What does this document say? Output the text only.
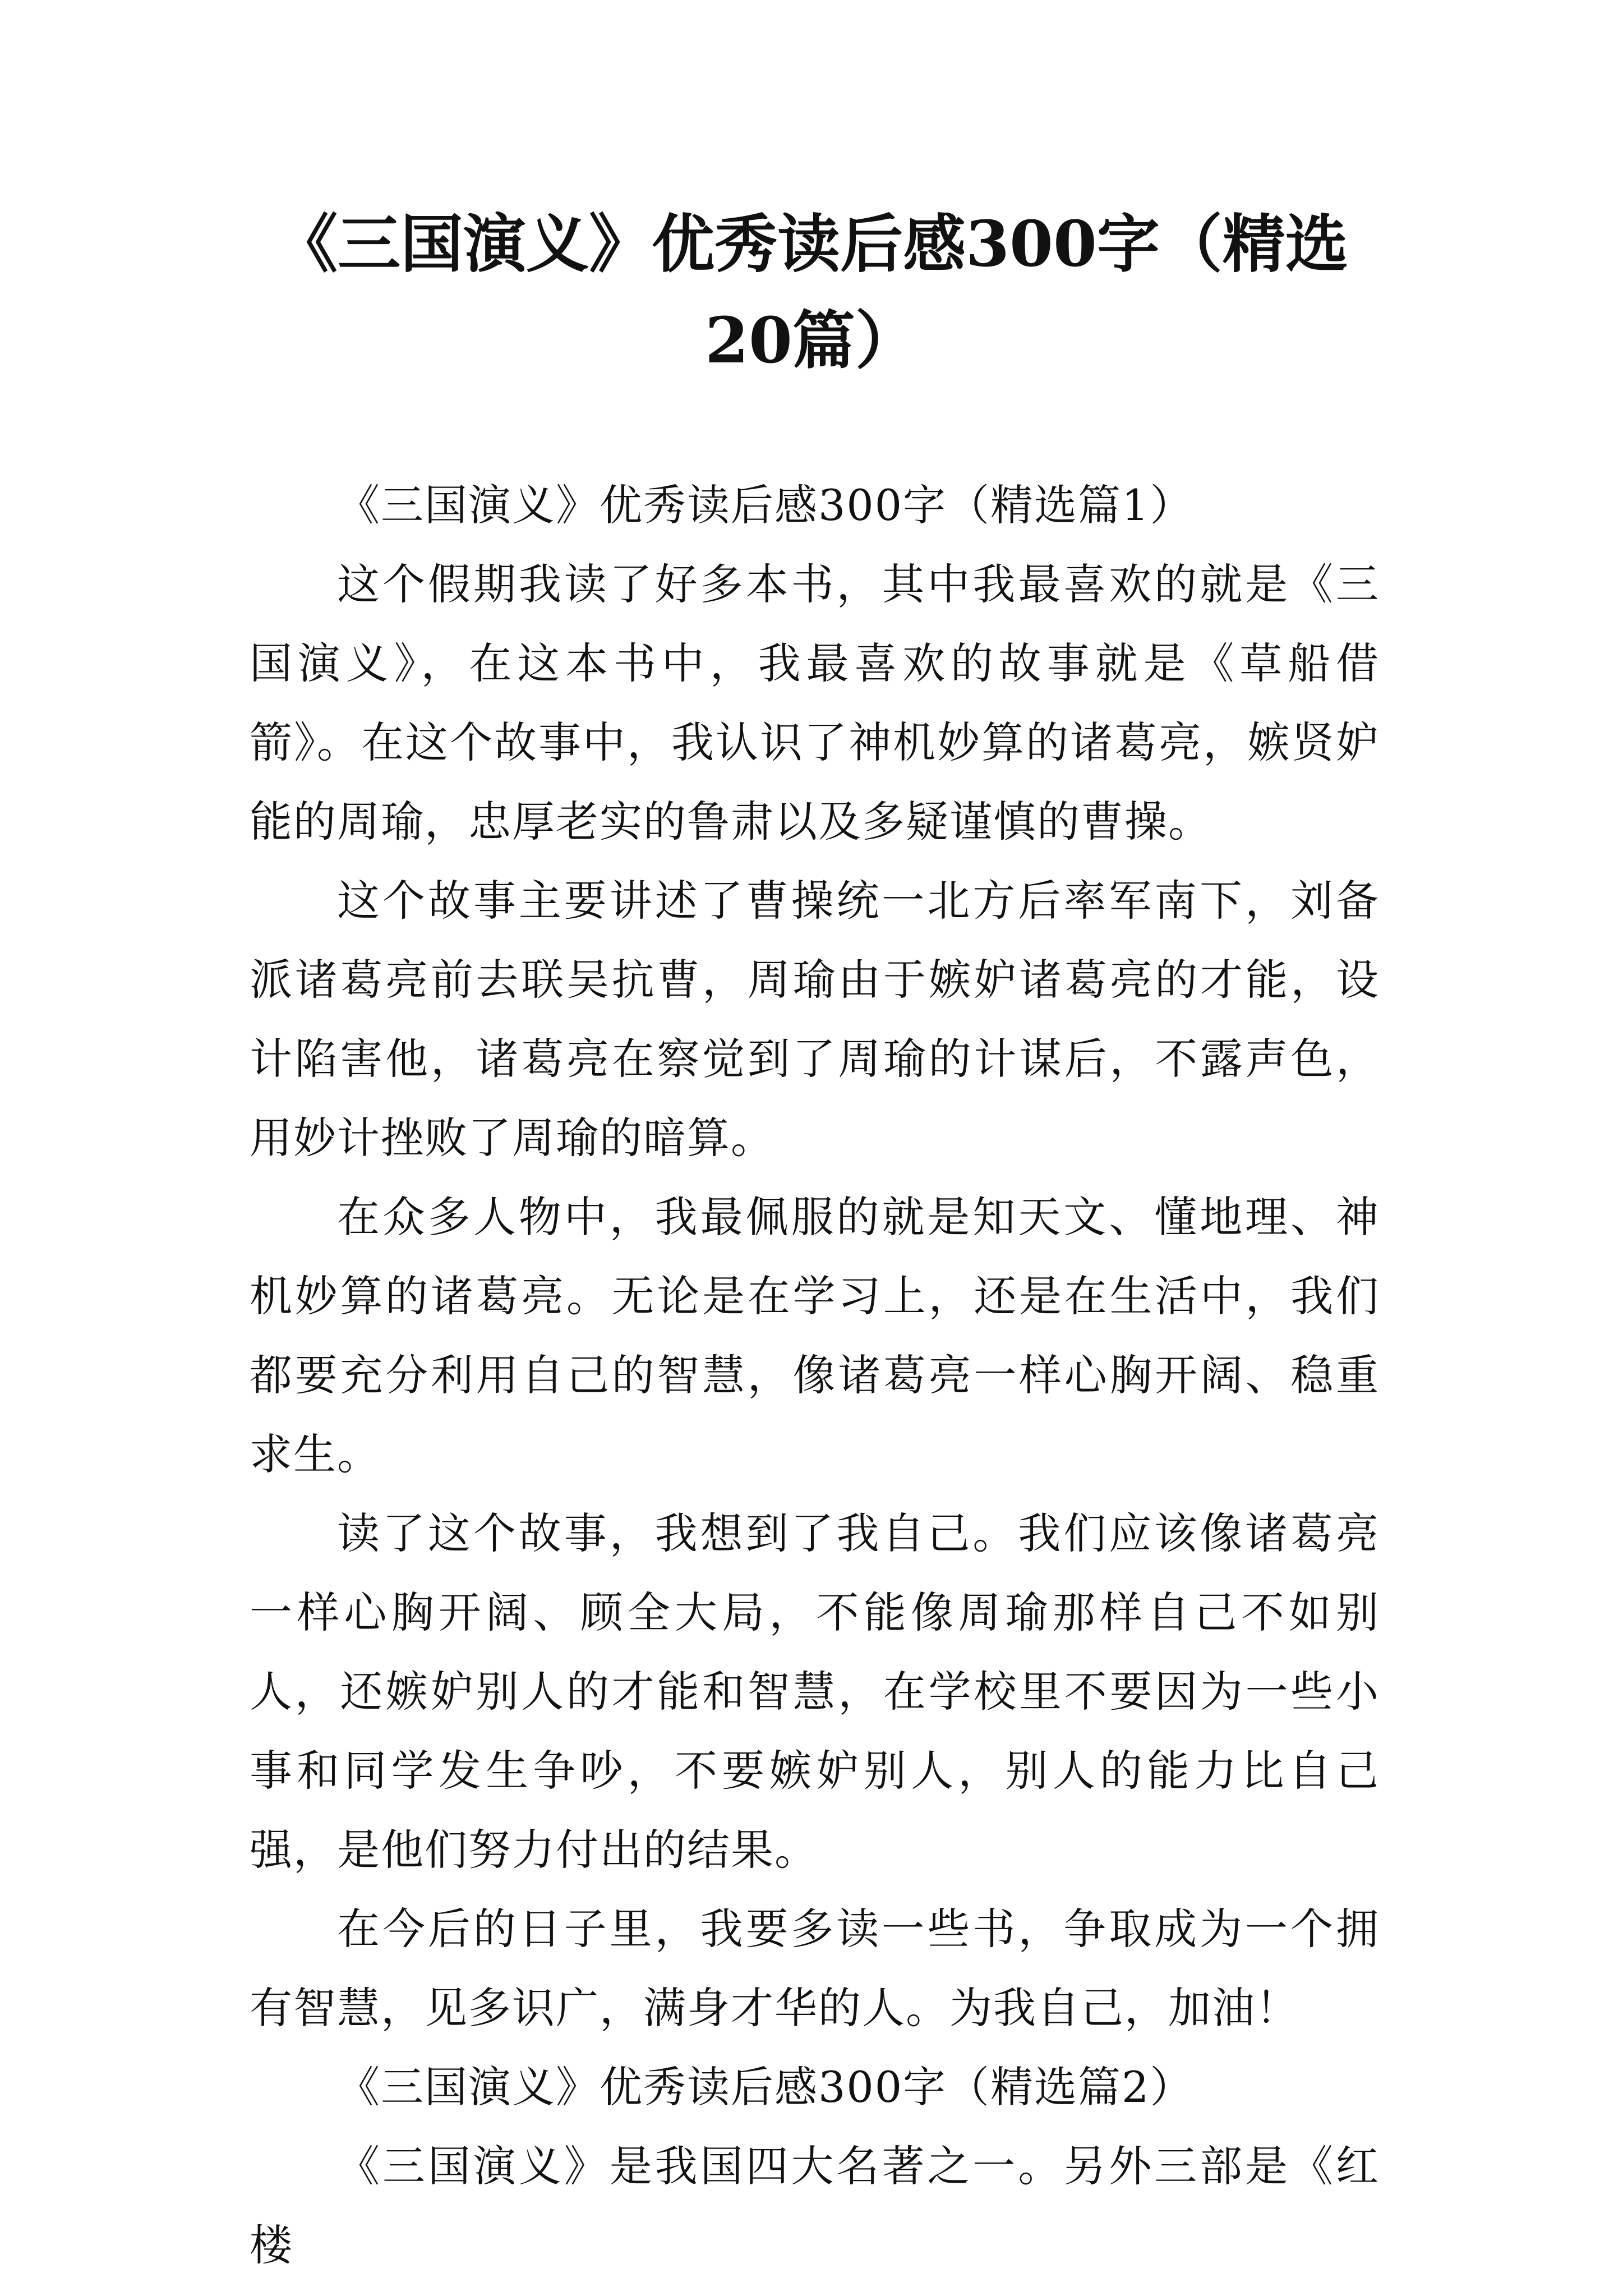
《三国演义》优秀读后感300字（精选20篇）

《三国演义》优秀读后感300字（精选篇1）

这个假期我读了好多本书，其中我最喜欢的就是《三国演义》，在这本书中，我最喜欢的故事就是《草船借箭》。在这个故事中，我认识了神机妙算的诸葛亮，嫉贤妒能的周瑜，忠厚老实的鲁肃以及多疑谨慎的曹操。

这个故事主要讲述了曹操统一北方后率军南下，刘备派诸葛亮前去联吴抗曹，周瑜由于嫉妒诸葛亮的才能，设计陷害他，诸葛亮在察觉到了周瑜的计谋后，不露声色，用妙计挫败了周瑜的暗算。

在众多人物中，我最佩服的就是知天文、懂地理、神机妙算的诸葛亮。无论是在学习上，还是在生活中，我们都要充分利用自己的智慧，像诸葛亮一样心胸开阔、稳重求生。

读了这个故事，我想到了我自己。我们应该像诸葛亮一样心胸开阔、顾全大局，不能像周瑜那样自己不如别人，还嫉妒别人的才能和智慧，在学校里不要因为一些小事和同学发生争吵，不要嫉妒别人，别人的能力比自己强，是他们努力付出的结果。

在今后的日子里，我要多读一些书，争取成为一个拥有智慧，见多识广，满身才华的人。为我自己，加油！

《三国演义》优秀读后感300字（精选篇2）

《三国演义》是我国四大名著之一。另外三部是《红楼
